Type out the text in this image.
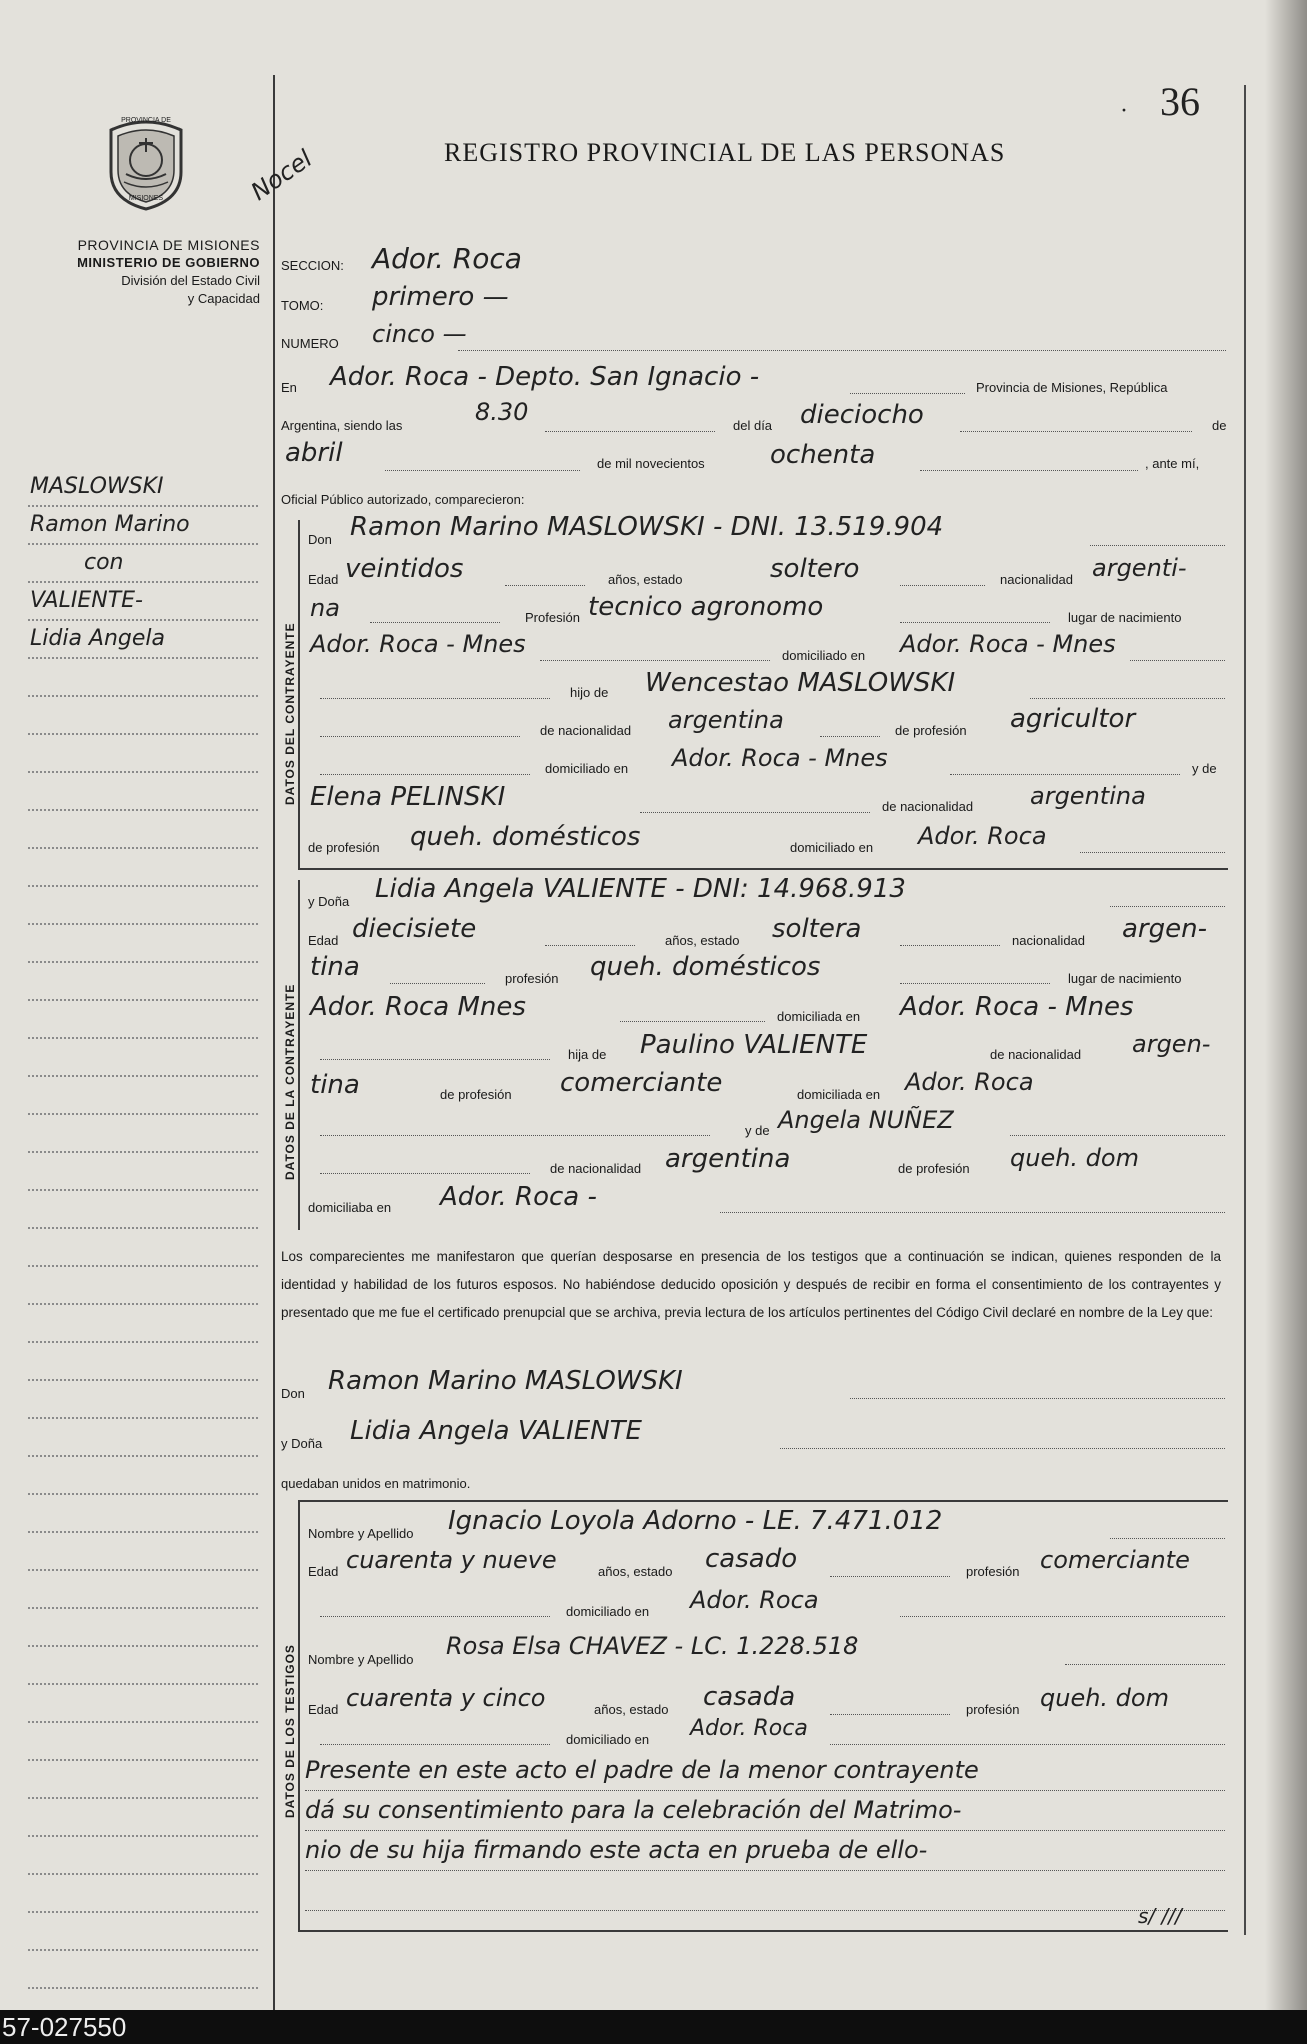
· 36
PROVINCIA DE
MISIONES
PROVINCIA DE MISIONES
MINISTERIO DE GOBIERNO
División del Estado Civil
y Capacidad
Nocel	REGISTRO PROVINCIAL DE LAS PERSONAS
MASLOWSKI
Ramon Marino
con
VALIENTE-
Lidia Angela
SECCION: Ador. Roca
TOMO: primero —
NUMERO cinco —
En Ador. Roca - Depto. San Ignacio -	Provincia de Misiones, República
Argentina, siendo las	8.30	del día dieciocho	de
abril	de mil novecientos	ochenta	, ante mí,
Oficial Público autorizado, comparecieron:
DATOS DEL CONTRAYENTE
Don Ramon Marino MASLOWSKI - DNI. 13.519.904
Edad veintidos	años, estado	soltero	nacionalidad argenti-
na	Profesión tecnico agronomo	lugar de nacimiento
Ador. Roca - Mnes	domiciliado en Ador. Roca - Mnes
hijo de Wencestao MASLOWSKI
de nacionalidad argentina	de profesión agricultor
domiciliado en Ador. Roca - Mnes	y de
Elena PELINSKI	de nacionalidad argentina
de profesión queh. domésticos	domiciliado en Ador. Roca
DATOS DE LA CONTRAYENTE
y Doña Lidia Angela VALIENTE - DNI: 14.968.913
Edad diecisiete	años, estado soltera	nacionalidad argen-
tina	profesión queh. domésticos	lugar de nacimiento
Ador. Roca Mnes	domiciliada en Ador. Roca - Mnes
hija de Paulino VALIENTE	de nacionalidad argen-
tina	de profesión comerciante	domiciliada en Ador. Roca
y de Angela NUÑEZ
de nacionalidad argentina	de profesión queh. dom
domiciliaba en Ador. Roca -
Los comparecientes me manifestaron que querían desposarse en presencia de los testigos que a continuación se indican, quienes responden de la identidad y habilidad de los futuros esposos. No habiéndose deducido oposición y después de recibir en forma el consentimiento de los contrayentes y presentado que me fue el certificado prenupcial que se archiva, previa lectura de los artículos pertinentes del Código Civil declaré en nombre de la Ley que:
Don Ramon Marino MASLOWSKI
y Doña Lidia Angela VALIENTE
quedaban unidos en matrimonio.
DATOS DE LOS TESTIGOS
Nombre y Apellido Ignacio Loyola Adorno - LE. 7.471.012
Edad cuarenta y nueve	años, estado casado	profesión comerciante
domiciliado en Ador. Roca
Nombre y Apellido Rosa Elsa CHAVEZ - LC. 1.228.518
Edad cuarenta y cinco	años, estado casada	profesión queh. dom
domiciliado en Ador. Roca
Presente en este acto el padre de la menor contrayente
dá su consentimiento para la celebración del Matrimo-
nio de su hija firmando este acta en prueba de ello-
s/ ///
57-027550
